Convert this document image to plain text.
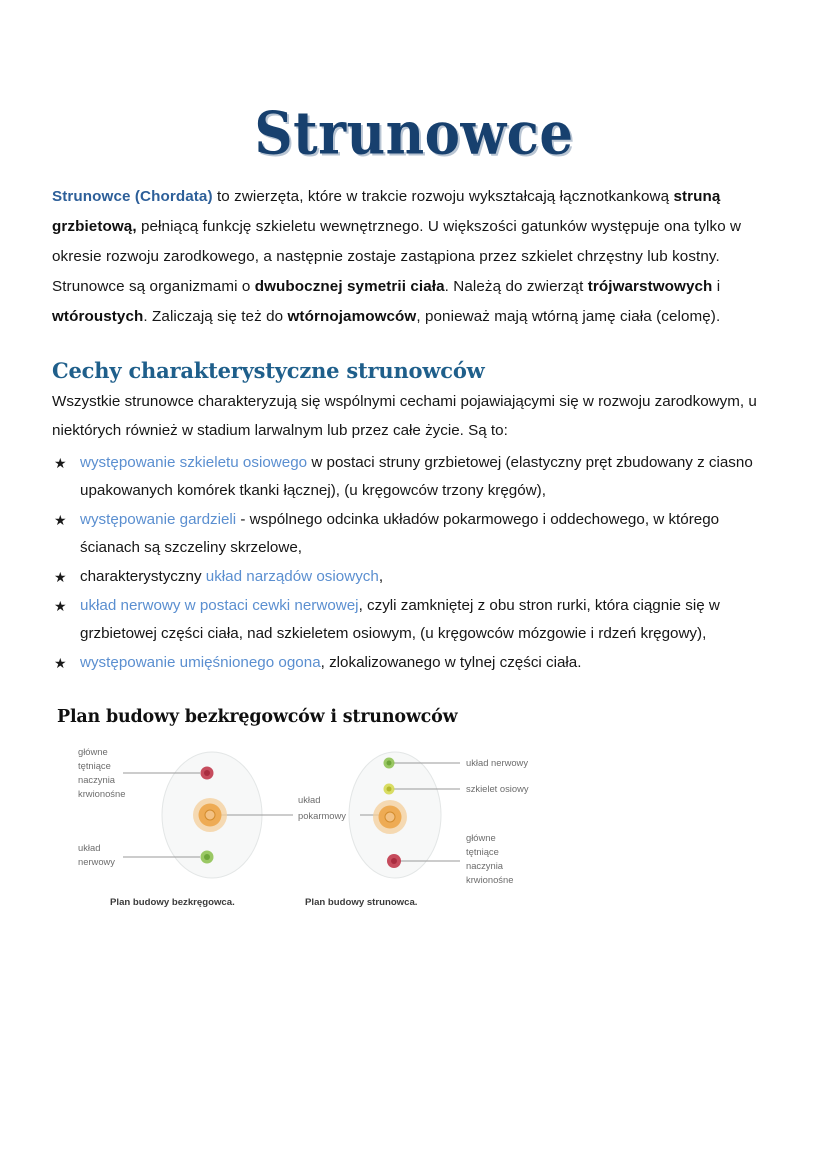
Strunowce

Strunowce (Chordata) to zwierzęta, które w trakcie rozwoju wykształcają łącznotkankową struną grzbietową, pełniącą funkcję szkieletu wewnętrznego. U większości gatunków występuje ona tylko w okresie rozwoju zarodkowego, a następnie zostaje zastąpiona przez szkielet chrzęstny lub kostny. Strunowce są organizmami o dwubocznej symetrii ciała. Należą do zwierząt trójwarstwowych i wtóroustych. Zaliczają się też do wtórnojamowców, ponieważ mają wtórną jamę ciała (celomę).

Cechy charakterystyczne strunowców

Wszystkie strunowce charakteryzują się wspólnymi cechami pojawiającymi się w rozwoju zarodkowym, u niektórych również w stadium larwalnym lub przez całe życie. Są to:

★ występowanie szkieletu osiowego w postaci struny grzbietowej (elastyczny pręt zbudowany z ciasno upakowanych komórek tkanki łącznej), (u kręgowców trzony kręgów),
★ występowanie gardzieli - wspólnego odcinka układów pokarmowego i oddechowego, w którego ścianach są szczeliny skrzelowe,
★ charakterystyczny układ narządów osiowych,
★ układ nerwowy w postaci cewki nerwowej, czyli zamkniętej z obu stron rurki, która ciągnie się w grzbietowej części ciała, nad szkieletem osiowym, (u kręgowców mózgowie i rdzeń kręgowy),
★ występowanie umięśnionego ogona, zlokalizowanego w tylnej części ciała.
Plan budowy bezkręgowców i strunowców
główne
tętniące
naczynia
krwionośne
układ
nerwowy
układ
pokarmowy
Plan budowy bezkręgowca.
układ nerwowy
szkielet osiowy
główne
tętniące
naczynia
krwionośne
Plan budowy strunowca.
